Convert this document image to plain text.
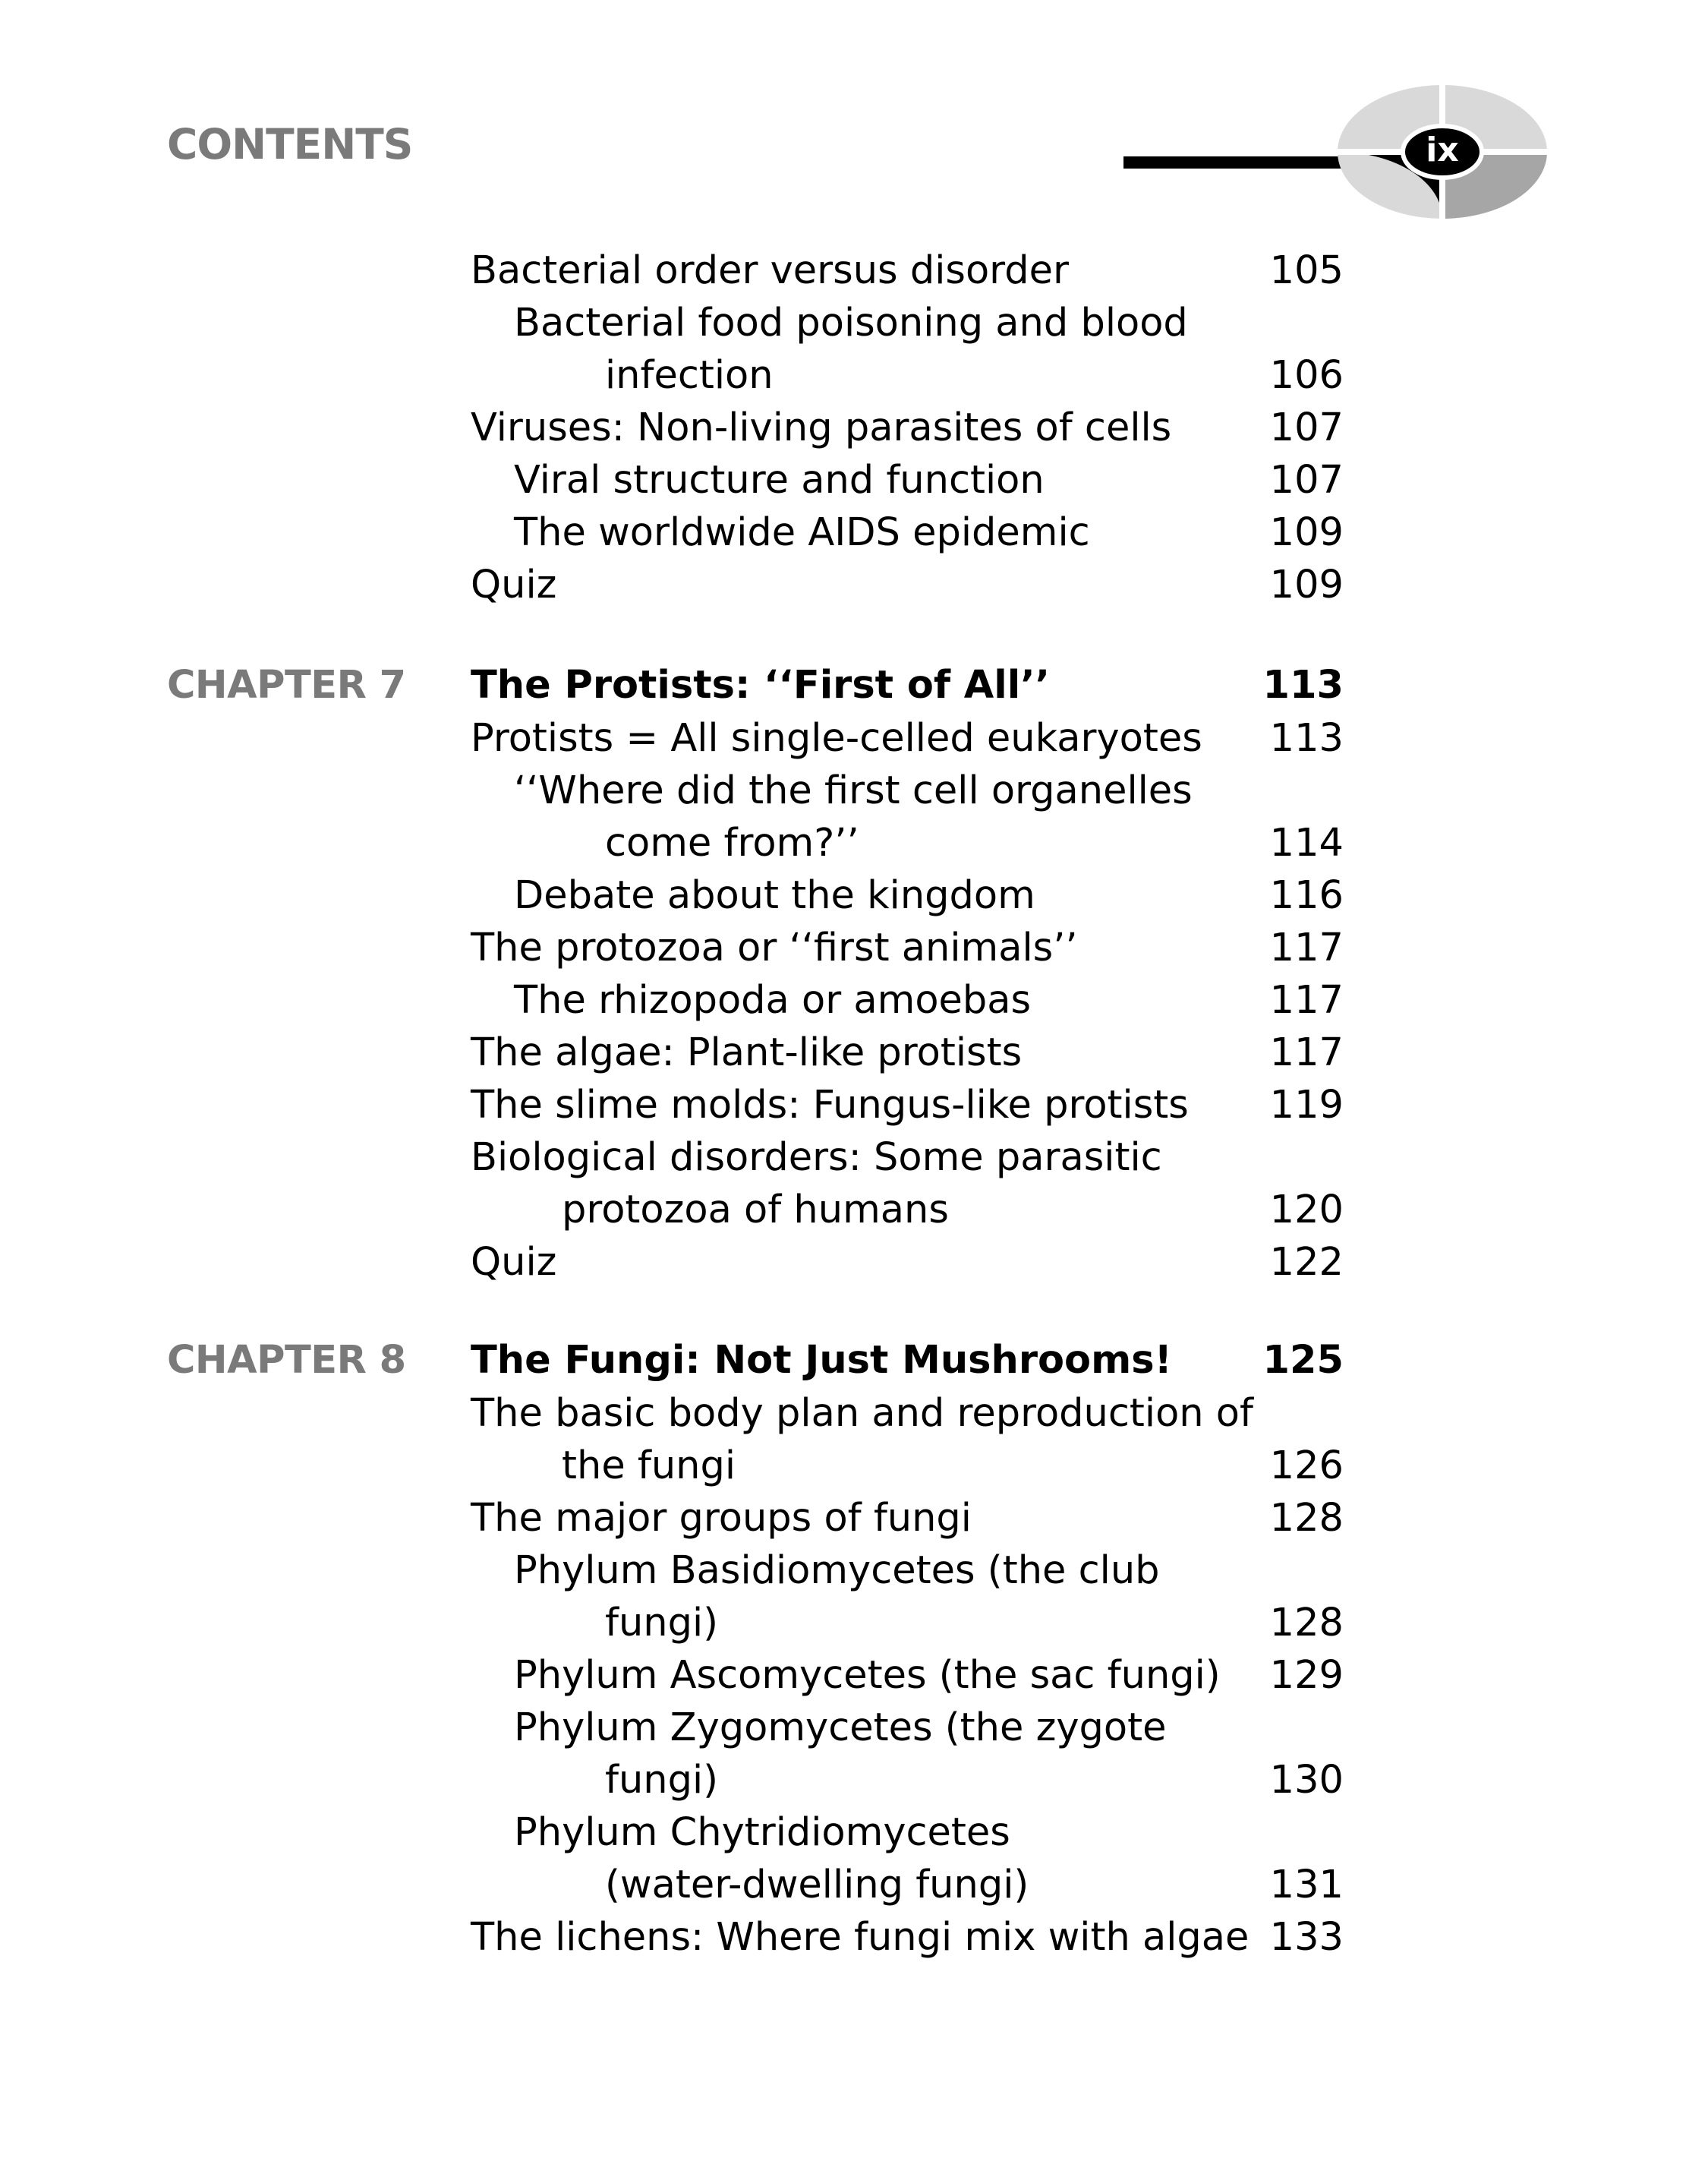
CONTENTS	ix
Bacterial order versus disorder	105
Bacterial food poisoning and blood
infection	106
Viruses: Non-living parasites of cells	107
Viral structure and function	107
The worldwide AIDS epidemic	109
Quiz	109
CHAPTER 7 The Protists: ‘‘First of All’’	113
Protists = All single-celled eukaryotes 113
‘‘Where did the first cell organelles
come from?’’	114
Debate about the kingdom	116
The protozoa or ‘‘first animals’’	117
The rhizopoda or amoebas	117
The algae: Plant-like protists	117
The slime molds: Fungus-like protists 119
Biological disorders: Some parasitic
protozoa of humans	120
Quiz	122
CHAPTER 8 The Fungi: Not Just Mushrooms! 125
The basic body plan and reproduction of
the fungi	126
The major groups of fungi	128
Phylum Basidiomycetes (the club
fungi)	128
Phylum Ascomycetes (the sac fungi) 129
Phylum Zygomycetes (the zygote
fungi)	130
Phylum Chytridiomycetes
(water-dwelling fungi)	131
The lichens: Where fungi mix with algae 133
